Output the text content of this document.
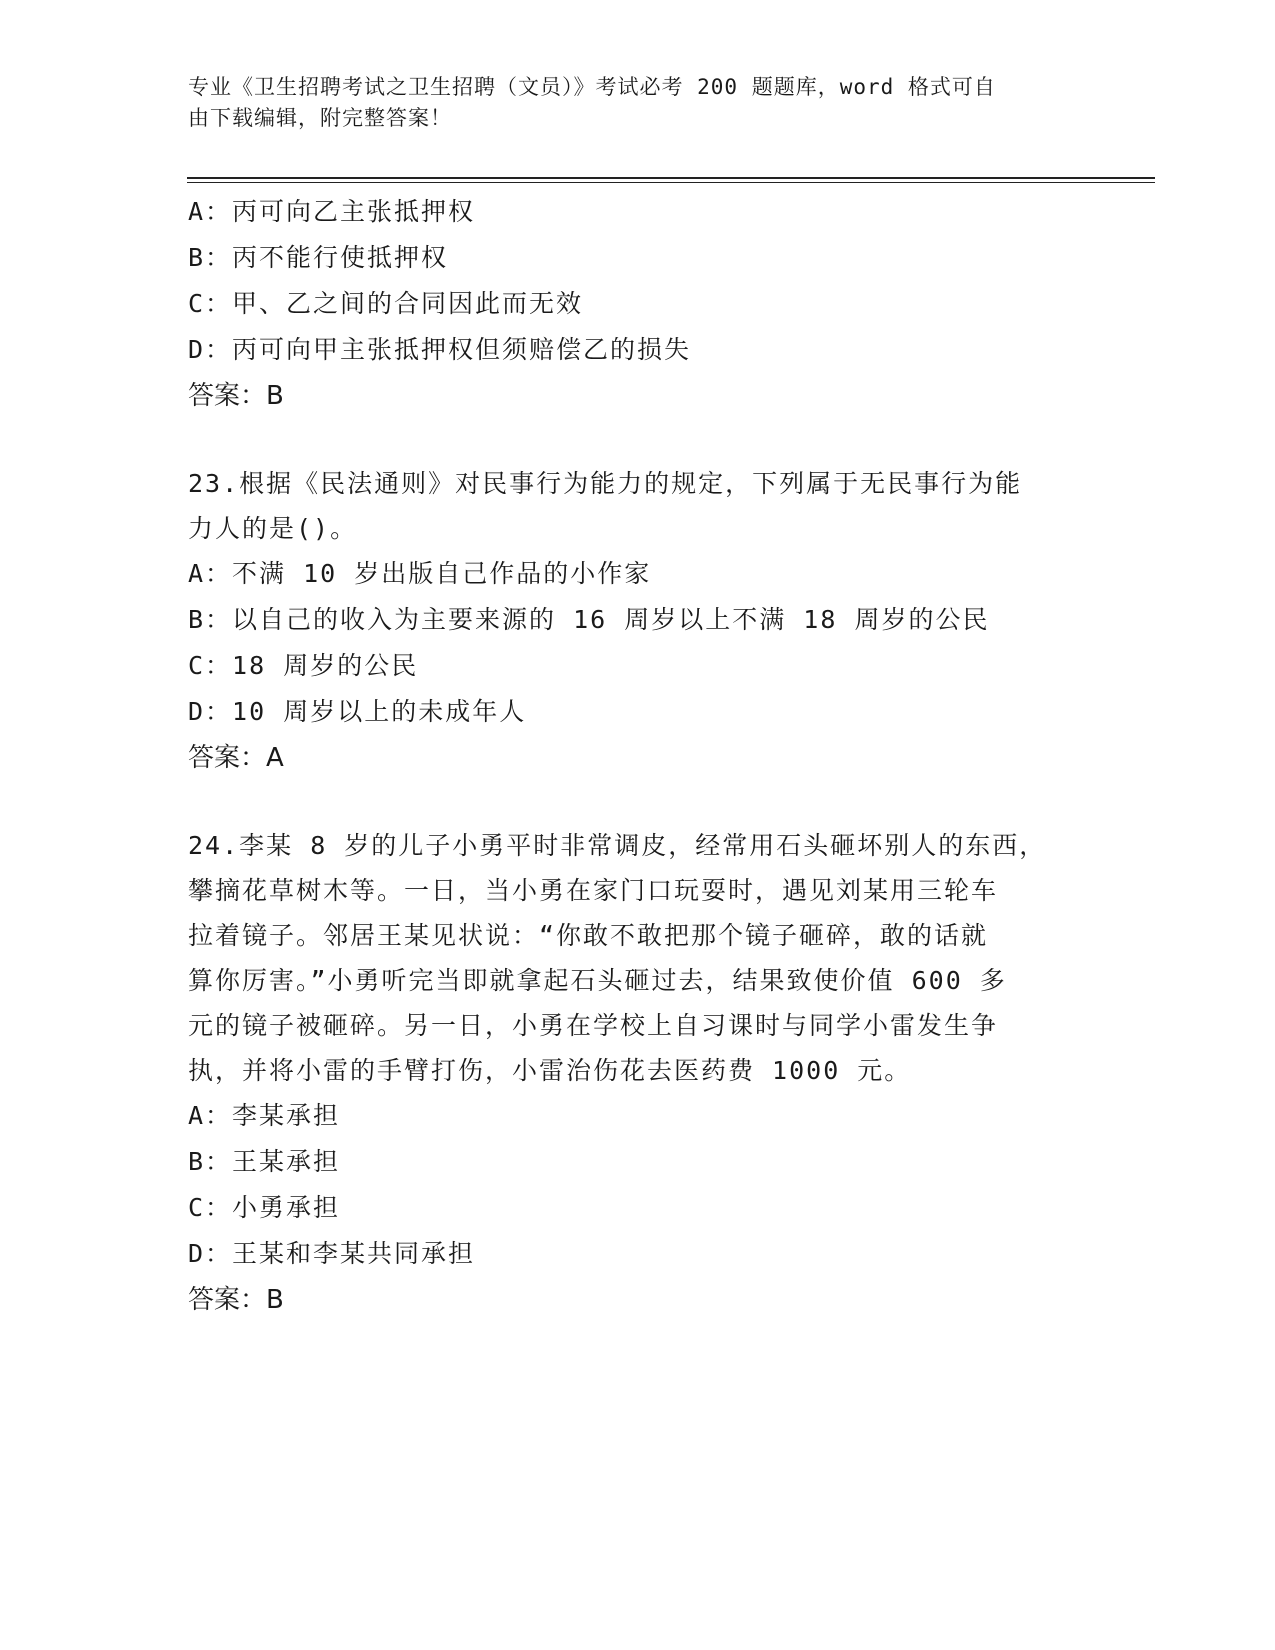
专业《卫生招聘考试之卫生招聘（文员）》考试必考 200 题题库，word 格式可自
由下载编辑，附完整答案！
A：丙可向乙主张抵押权
B：丙不能行使抵押权
C：甲、乙之间的合同因此而无效
D：丙可向甲主张抵押权但须赔偿乙的损失
答案：B

23.根据《民法通则》对民事行为能力的规定，下列属于无民事行为能

力人的是()。

A：不满 10 岁出版自己作品的小作家
B：以自己的收入为主要来源的 16 周岁以上不满 18 周岁的公民
C：18 周岁的公民
D：10 周岁以上的未成年人
答案：A

24.李某 8 岁的儿子小勇平时非常调皮，经常用石头砸坏别人的东西，

攀摘花草树木等。一日，当小勇在家门口玩耍时，遇见刘某用三轮车

拉着镜子。邻居王某见状说：“你敢不敢把那个镜子砸碎，敢的话就

算你厉害。”小勇听完当即就拿起石头砸过去，结果致使价值 600 多

元的镜子被砸碎。另一日，小勇在学校上自习课时与同学小雷发生争

执，并将小雷的手臂打伤，小雷治伤花去医药费 1000 元。

A：李某承担
B：王某承担
C：小勇承担
D：王某和李某共同承担
答案：B
